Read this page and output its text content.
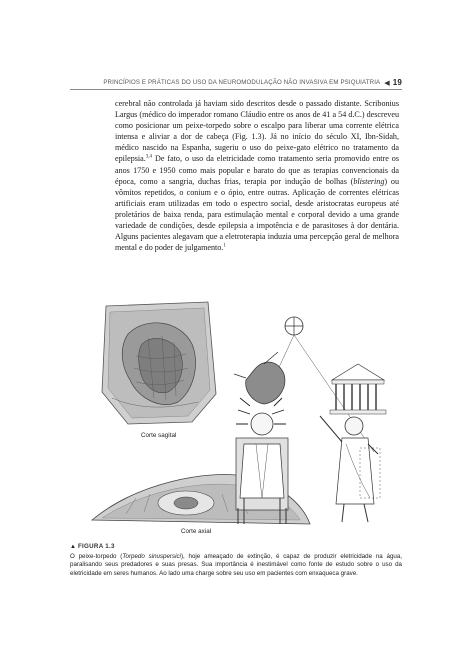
PRINCÍPIOS E PRÁTICAS DO USO DA NEUROMODULAÇÃO NÃO INVASIVA EM PSIQUIATRIA ◀ 19

cerebral não controlada já haviam sido descritos desde o passado distante. Scribonius Largus (médico do imperador romano Cláudio entre os anos de 41 a 54 d.C.) descreveu como posicionar um peixe-torpedo sobre o escalpo para liberar uma corrente elétrica intensa e aliviar a dor de cabeça (Fig. 1.3). Já no início do século XI, Ibn-Sidah, médico nascido na Espanha, sugeriu o uso do peixe-gato elétrico no tratamento da epilepsia.$^{3,4}$ De fato, o uso da eletricidade como tratamento seria promovido entre os anos 1750 e 1950 como mais popular e barato do que as terapias convencionais da época, como a sangria, duchas frias, terapia por indução de bolhas (blistering) ou vômitos repetidos, o conium e o ópio, entre outras. Aplicação de correntes elétricas artificiais eram utilizadas em todo o espectro social, desde aristocratas europeus até proletários de baixa renda, para estimulação mental e corporal devido a uma grande variedade de condições, desde epilepsia a impotência e de parasitoses à dor dentária. Alguns pacientes alegavam que a eletroterapia induzia uma percepção geral de melhora mental e do poder de julgamento.$^1$

Corte sagital
Corte axial
▲ FIGURA 1.3

O peixe-torpedo (Torpedo sinuspersici), hoje ameaçado de extinção, é capaz de produzir eletricidade na água, paralisando seus predadores e suas presas. Sua importância é inestimável como fonte de estudo sobre o uso da eletricidade em seres humanos. Ao lado uma charge sobre seu uso em pacientes com enxaqueca grave.
